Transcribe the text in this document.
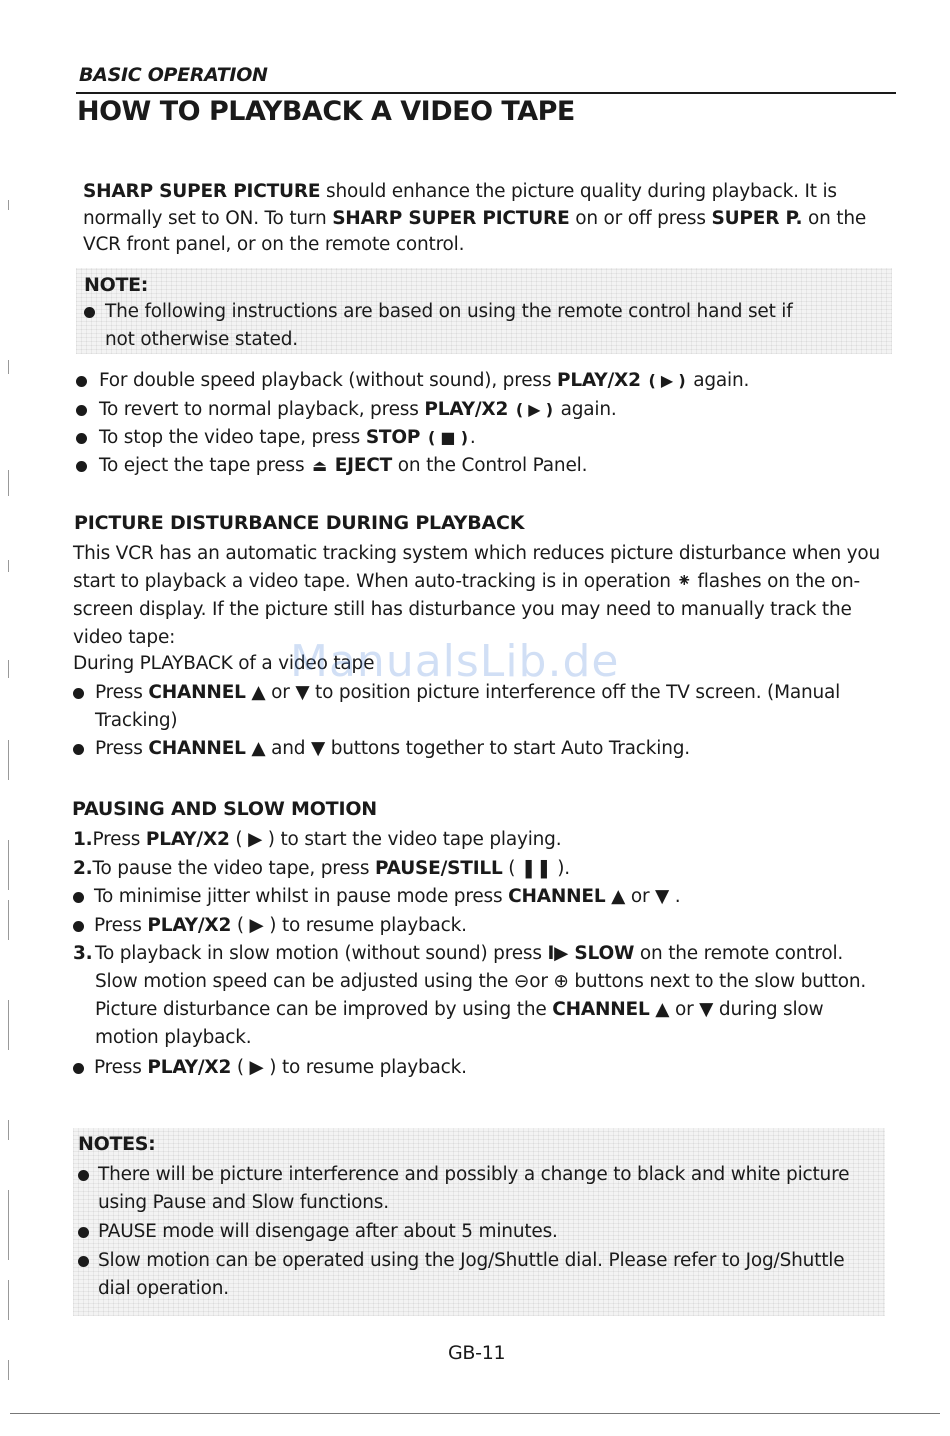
BASIC OPERATION
HOW TO PLAYBACK A VIDEO TAPE
SHARP SUPER PICTURE should enhance the picture quality during playback. It is normally set to ON. To turn SHARP SUPER PICTURE on or off press SUPER P. on the VCR front panel, or on the remote control.
NOTE:
The following instructions are based on using the remote control hand set if not otherwise stated.
For double speed playback (without sound), press PLAY/X2 ( ▶ ) again.
To revert to normal playback, press PLAY/X2 ( ▶ ) again.
To stop the video tape, press STOP ( ■ ) .
To eject the tape press ⏏ EJECT on the Control Panel.
PICTURE DISTURBANCE DURING PLAYBACK
This VCR has an automatic tracking system which reduces picture disturbance when you start to playback a video tape. When auto-tracking is in operation ⁕ flashes on the on-screen display. If the picture still has disturbance you may need to manually track the video tape:
During PLAYBACK of a video tape
Press CHANNEL ▲ or ▼ to position picture interference off the TV screen. (Manual Tracking)
Press CHANNEL ▲ and ▼ buttons together to start Auto Tracking.
PAUSING AND SLOW MOTION
1.Press PLAY/X2 ( ▶ ) to start the video tape playing.
2.To pause the video tape, press PAUSE/STILL ( ❚❚ ).
To minimise jitter whilst in pause mode press CHANNEL ▲ or ▼ .
Press PLAY/X2 ( ▶ ) to resume playback.
3. To playback in slow motion (without sound) press I▶ SLOW on the remote control. Slow motion speed can be adjusted using the ⊖or ⊕ buttons next to the slow button. Picture disturbance can be improved by using the CHANNEL ▲ or ▼ during slow motion playback.
Press PLAY/X2 ( ▶ ) to resume playback.
NOTES:
There will be picture interference and possibly a change to black and white picture using Pause and Slow functions.
PAUSE mode will disengage after about 5 minutes.
Slow motion can be operated using the Jog/Shuttle dial. Please refer to Jog/Shuttle dial operation.
ManualsLib.de
GB-11
